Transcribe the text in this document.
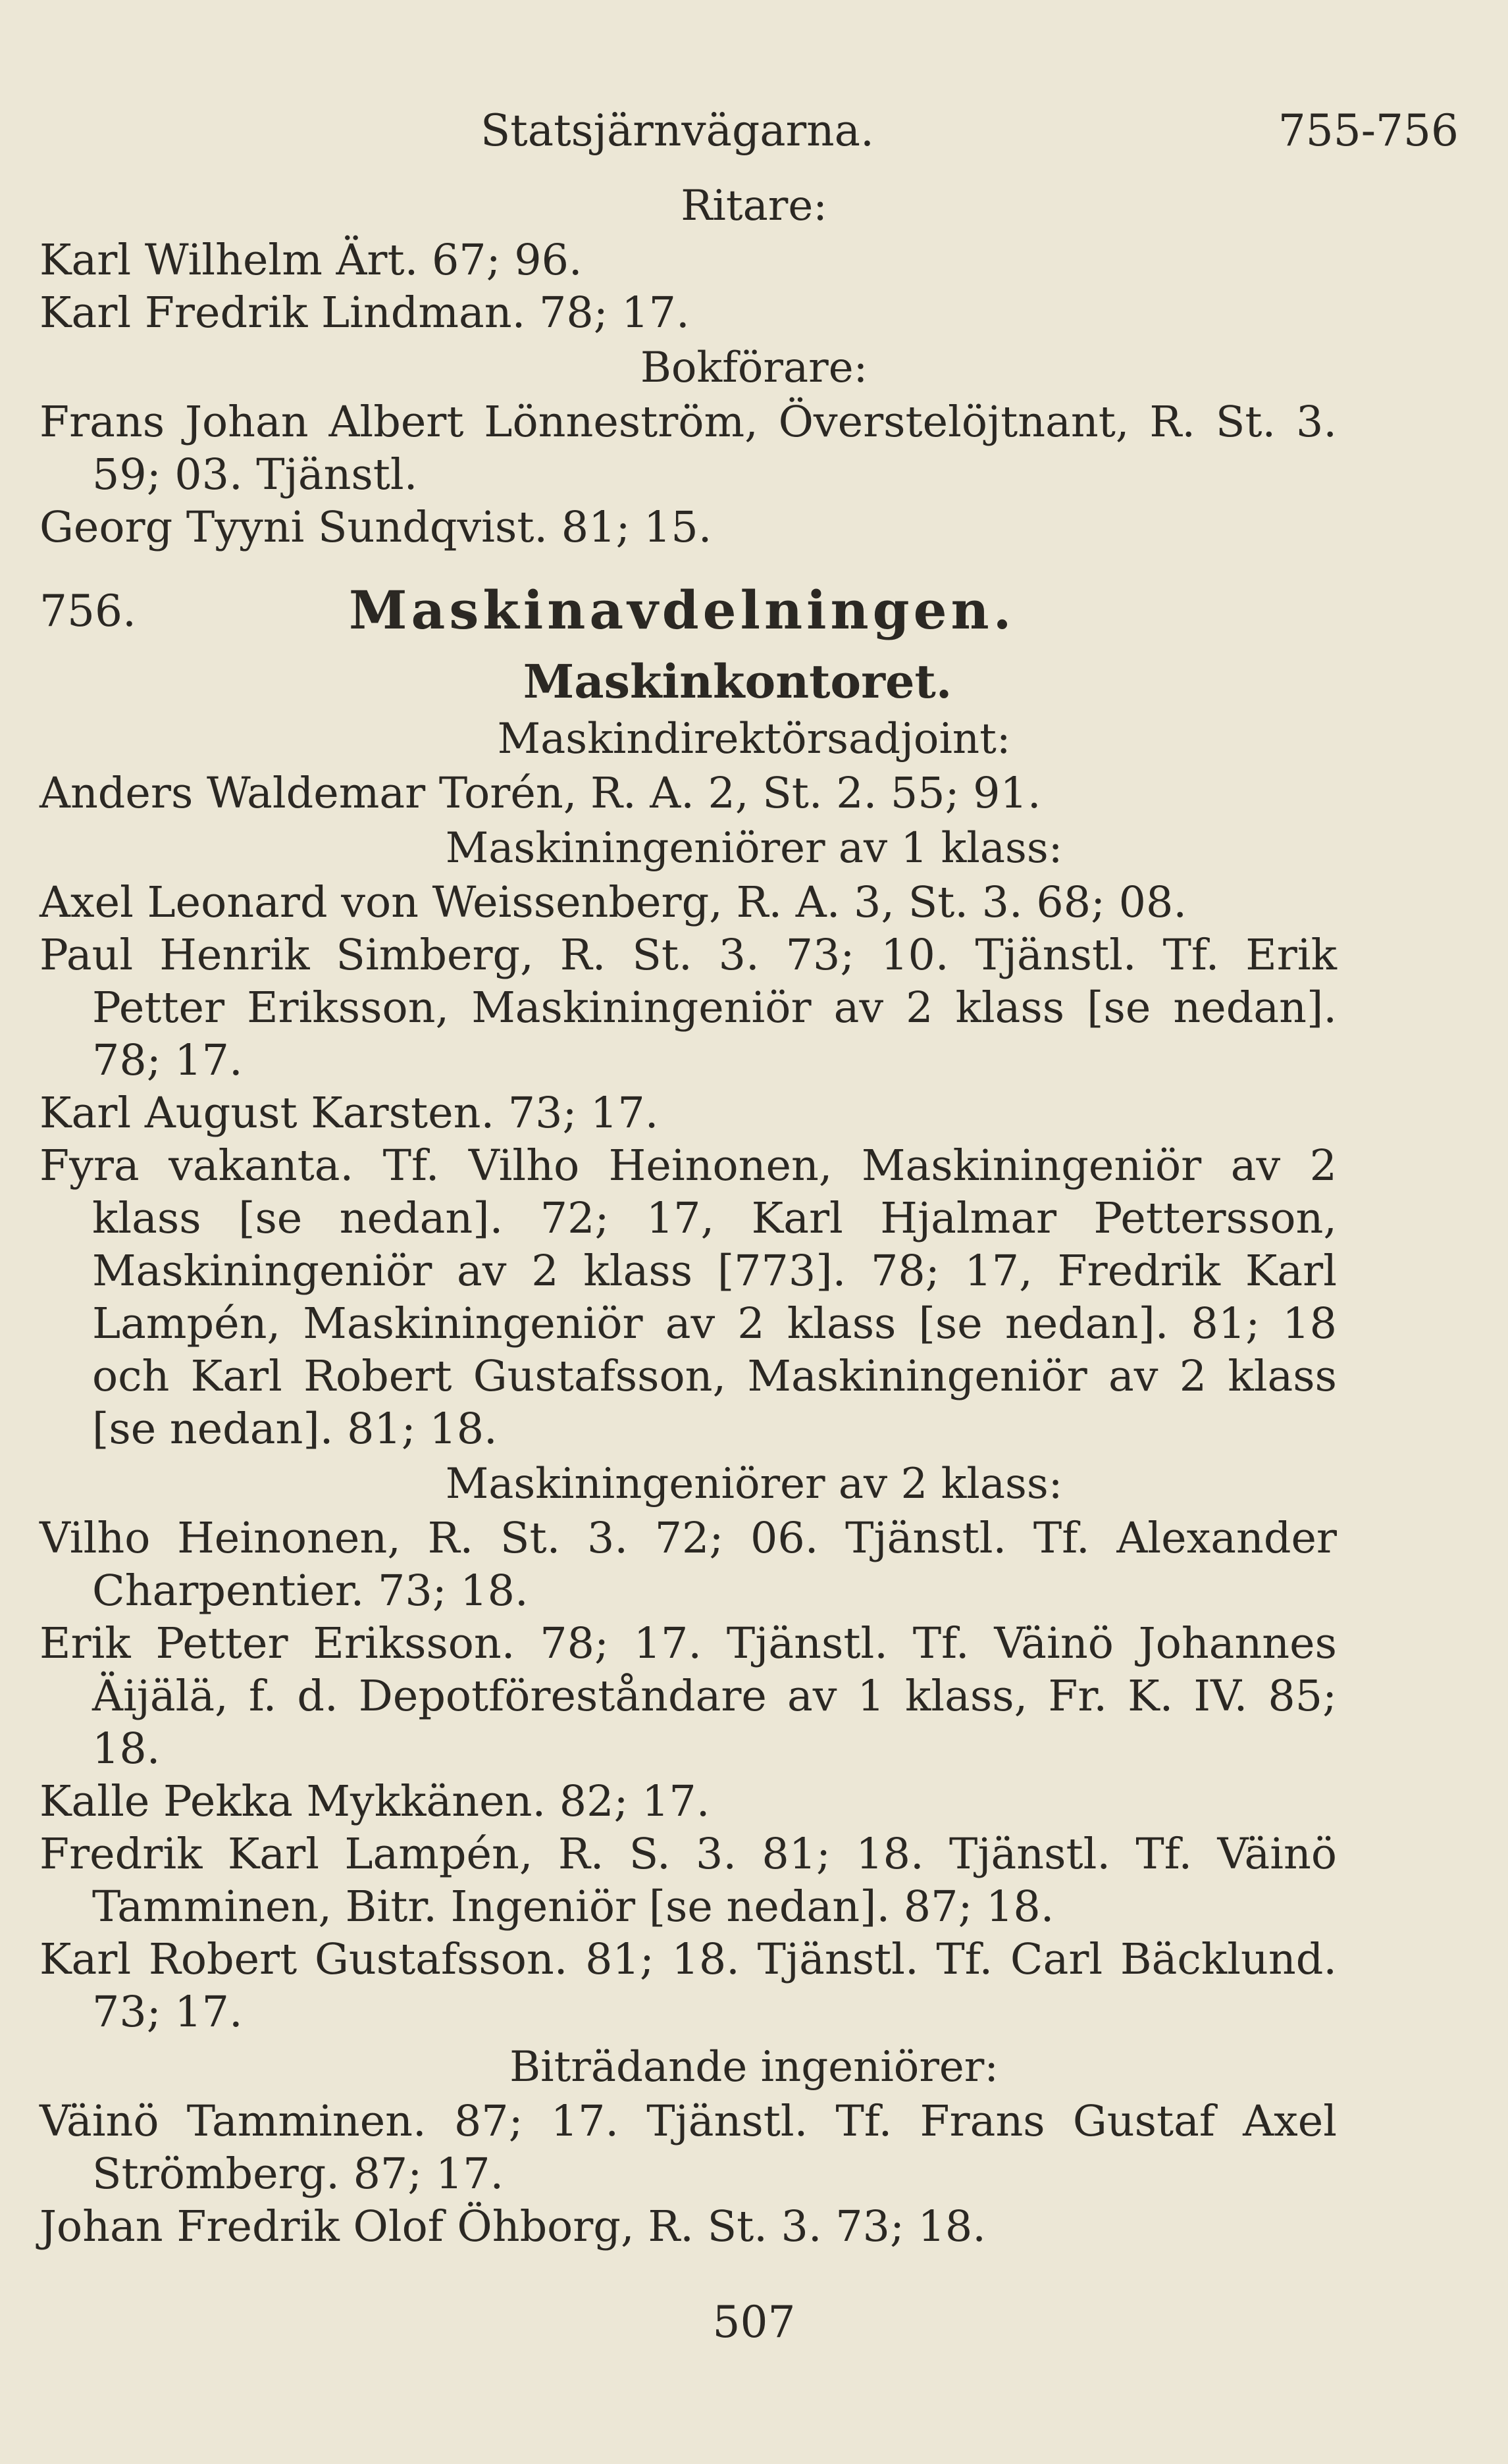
Statsjärnvägarna.	755-756

Ritare:

Karl Wilhelm Ärt. 67; 96.

Karl Fredrik Lindman. 78; 17.

Bokförare:

Frans Johan Albert Lönneström, Överstelöjtnant, R. St. 3. 59; 03. Tjänstl.

Georg Tyyni Sundqvist. 81; 15.

756.	Maskinavdelningen.

Maskinkontoret.

Maskindirektörsadjoint:

Anders Waldemar Torén, R. A. 2, St. 2. 55; 91.

Maskiningeniörer av 1 klass:

Axel Leonard von Weissenberg, R. A. 3, St. 3. 68; 08.

Paul Henrik Simberg, R. St. 3. 73; 10. Tjänstl. Tf. Erik Petter Eriksson, Maskiningeniör av 2 klass [se nedan]. 78; 17.

Karl August Karsten. 73; 17.

Fyra vakanta. Tf. Vilho Heinonen, Maskiningeniör av 2 klass [se nedan]. 72; 17, Karl Hjalmar Pettersson, Maskiningeniör av 2 klass [773]. 78; 17, Fredrik Karl Lampén, Maskiningeniör av 2 klass [se nedan]. 81; 18 och Karl Robert Gustafsson, Maskiningeniör av 2 klass [se nedan]. 81; 18.

Maskiningeniörer av 2 klass:

Vilho Heinonen, R. St. 3. 72; 06. Tjänstl. Tf. Alexander Charpentier. 73; 18.

Erik Petter Eriksson. 78; 17. Tjänstl. Tf. Väinö Johannes Äijälä, f. d. Depotföreståndare av 1 klass, Fr. K. IV. 85; 18.

Kalle Pekka Mykkänen. 82; 17.

Fredrik Karl Lampén, R. S. 3. 81; 18. Tjänstl. Tf. Väinö Tamminen, Bitr. Ingeniör [se nedan]. 87; 18.

Karl Robert Gustafsson. 81; 18. Tjänstl. Tf. Carl Bäcklund. 73; 17.

Biträdande ingeniörer:

Väinö Tamminen. 87; 17. Tjänstl. Tf. Frans Gustaf Axel Strömberg. 87; 17.

Johan Fredrik Olof Öhborg, R. St. 3. 73; 18.

507
